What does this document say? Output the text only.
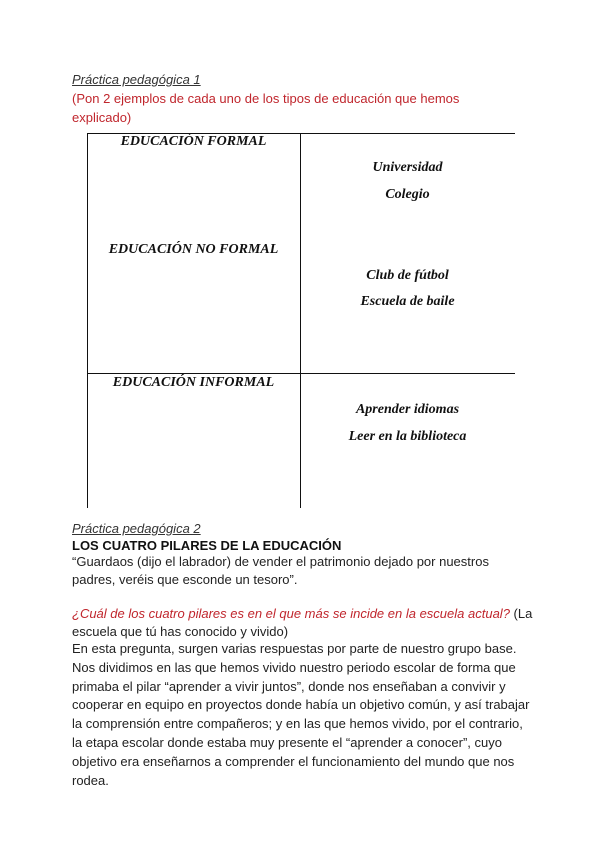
Práctica pedagógica 1
(Pon 2 ejemplos de cada uno de los tipos de educación que hemos explicado)
EDUCACIÓN FORMAL
EDUCACIÓN NO FORMAL
EDUCACIÓN INFORMAL
Universidad
Colegio
Club de fútbol
Escuela de baile
Aprender idiomas
Leer en la biblioteca
Práctica pedagógica 2
LOS CUATRO PILARES DE LA EDUCACIÓN
“Guardaos (dijo el labrador) de vender el patrimonio dejado por nuestros padres, veréis que esconde un tesoro”.
¿Cuál de los cuatro pilares es en el que más se incide en la escuela actual? (La escuela que tú has conocido y vivido)
En esta pregunta, surgen varias respuestas por parte de nuestro grupo base. Nos dividimos en las que hemos vivido nuestro periodo escolar de forma que primaba el pilar “aprender a vivir juntos”, donde nos enseñaban a convivir y cooperar en equipo en proyectos donde había un objetivo común, y así trabajar la comprensión entre compañeros; y en las que hemos vivido, por el contrario, la etapa escolar donde estaba muy presente el “aprender a conocer”, cuyo objetivo era enseñarnos a comprender el funcionamiento del mundo que nos rodea.
